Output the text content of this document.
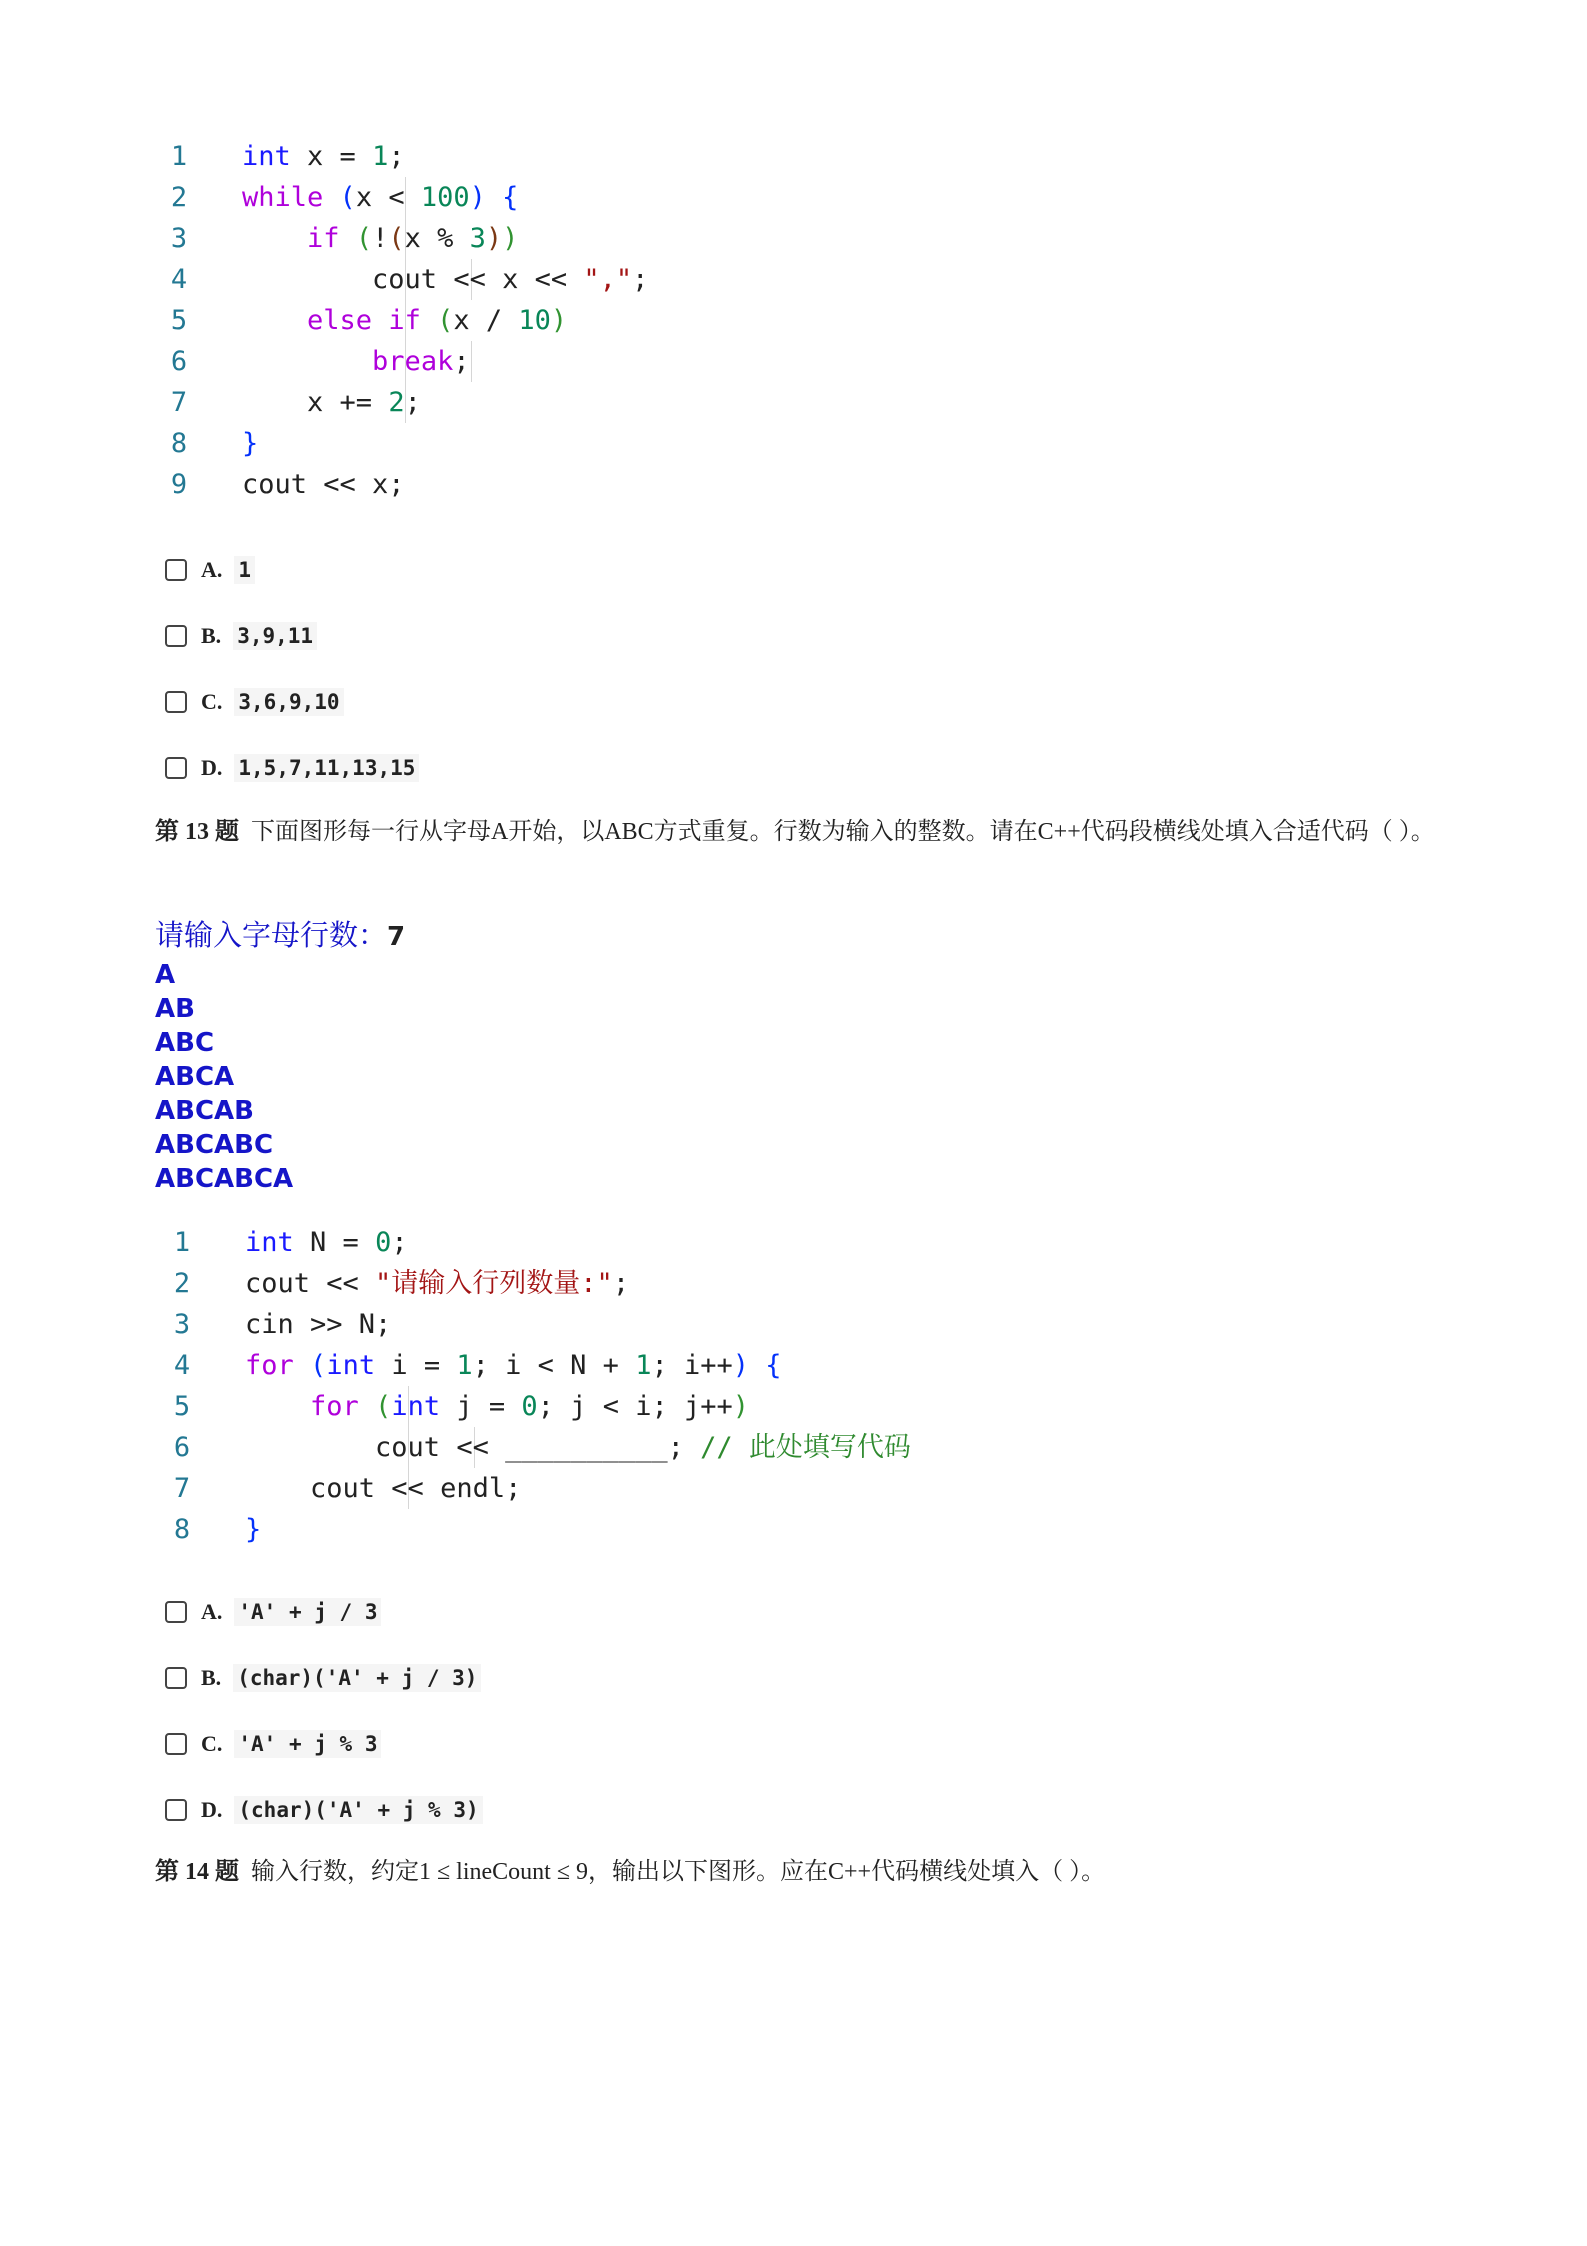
1 int x = 1;
2 while (x < 100) {
3	if (!(x % 3))
4 cout << x << ",";
5	else if (x / 10)
6	break;
7 x += 2;
8 }
9 cout << x;
A. 1
B. 3,9,11
C. 3,6,9,10
D. 1,5,7,11,13,15
第 13 题 下面图形每一行从字母A开始，以ABC方式重复。行数为输入的整数。请在C++代码段横线处填入合适代码（ ）。
请输入字母行数：7
A
AB
ABC
ABCA
ABCAB
ABCABC
ABCABCA
1 int N = 0;
2 cout << "请输入行列数量:";
3 cin >> N;
4 for (int i = 1; i < N + 1; i++) {
5	for (int j = 0; j < i; j++)
6 cout << __________; // 此处填写代码
7 cout << endl;
8 }
A. 'A' + j / 3
B. (char)('A' + j / 3)
C. 'A' + j % 3
D. (char)('A' + j % 3)
第 14 题 输入行数，约定1 ≤ lineCount ≤ 9，输出以下图形。应在C++代码横线处填入（ ）。
